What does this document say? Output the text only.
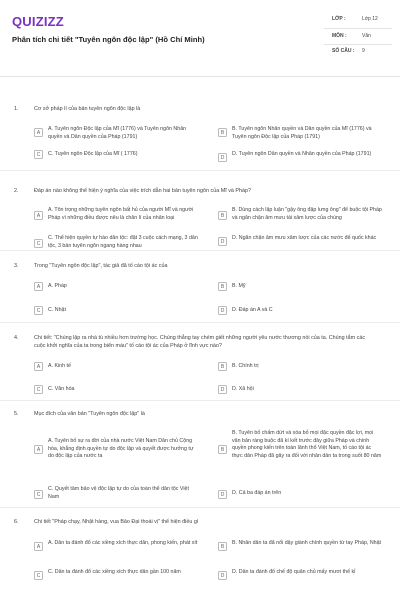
QUIZIZZ
Phân tích chi tiết "Tuyên ngôn độc lập" (Hồ Chí Minh)
LỚP :	Lớp 12
MÔN :	Văn
SỐ CÂU : 9
1.	Cơ sở pháp lí của bản tuyên ngôn độc lập là
A
A. Tuyên ngôn Độc lập của Mĩ (1776) và Tuyên ngôn Nhân quyền và Dân quyền của Pháp (1791)
B
B. Tuyên ngôn Nhân quyền và Dân quyền của Mĩ (1776) và Tuyên ngôn Độc lập của Pháp (1791)
C	C. Tuyên ngôn Độc lập của Mĩ ( 1776)
D
D. Tuyên ngôn Dân quyền và Nhân quyền của Pháp (1791)
2.	Đáp án nào không thể hiện ý nghĩa của việc trích dẫn hai bản tuyên ngôn của Mĩ và Pháp?
A
A. Tôn trọng những tuyên ngôn bất hủ của người Mĩ và người Pháp vì những điều được nêu là chân lí của nhân loại	B
B. Dùng cách lập luận "gậy ông đập lưng ông" để buộc tội Pháp và ngăn chặn âm mưu tái xâm lược của chúng
C
C. Thể hiện quyền tự hào dân tộc: đặt 3 cuộc cách mạng, 3 dân tộc, 3 bản tuyên ngôn ngang hàng nhau
D
D. Ngăn chặn âm mưu xâm lược của các nước đế quốc khác
3.	Trong "Tuyên ngôn độc lập", tác giả đã tố cáo tội ác của
A	A. Pháp	B	B. Mỹ
C	C. Nhật	D	D. Đáp án A và C
4.	Chi tiết: "Chúng lập ra nhà tù nhiều hơn trường học. Chúng thẳng tay chém giết những người yêu nước thương nòi của ta. Chúng tắm các cuộc khởi nghĩa của ta trong biển máu" tố cáo tội ác của Pháp ở lĩnh vực nào?
A	A. Kinh tế	B	B. Chính trị
C	C. Văn hóa	D	D. Xã hội
5.	Mục đích của văn bản "Tuyên ngôn độc lập" là
A
A. Tuyên bố sự ra đời của nhà nước Việt Nam Dân chủ Cộng hòa, khẳng định quyền tự do độc lập và quyết được hưởng tự do độc lập của nước ta
B
B. Tuyên bố chấm dứt và xóa bỏ mọi đặc quyền đặc lợi, mọi văn bản ràng buộc đã kí kết trước đây giữa Pháp và chính quyền phong kiến trên toàn lãnh thổ Việt Nam, tố cáo tội ác thực dân Pháp đã gây ra đối với nhân dân ta trong suốt 80 năm
C
C. Quyết tâm bảo vệ độc lập tự do của toàn thể dân tộc Việt Nam	D	D. Cả ba đáp án trên
6.	Chi tiết "Pháp chạy, Nhật hàng, vua Bảo Đại thoái vị" thể hiện điều gì
A
A. Dân ta đánh đổ các xiềng xích thực dân, phong kiến, phát xít
B
B. Nhân dân ta đã nổi dậy giành chính quyền từ tay Pháp, Nhật
C
C. Dân ta đánh đổ các xiềng xích thực dân gần 100 năm
D
D. Dân ta đánh đổ chế độ quân chủ mấy mươi thế kỉ
